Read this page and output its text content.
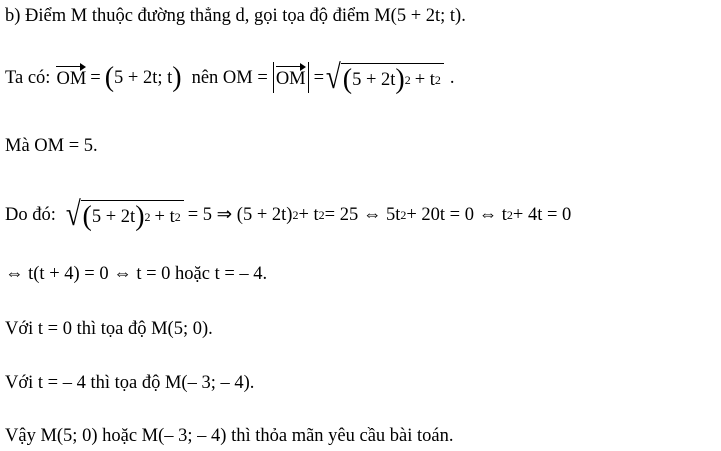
b) Điểm M thuộc đường thẳng d, gọi tọa độ điểm M(5 + 2t; t).
Ta có: OM = ( 5 + 2t; t ) nên OM = OM = √ ( 5 + 2t ) 2 + t 2 .
Mà OM = 5.
Do đó: √ ( 5 + 2t ) 2 + t 2 = 5 ⇒ (5 + 2t) 2 + t 2 = 25 ⇔ 5t 2 + 20t = 0 ⇔ t 2 + 4t = 0
⇔ t(t + 4) = 0 ⇔ t = 0 hoặc t = – 4.
Với t = 0 thì tọa độ M(5; 0).
Với t = – 4 thì tọa độ M(– 3; – 4).
Vậy M(5; 0) hoặc M(– 3; – 4) thì thỏa mãn yêu cầu bài toán.
